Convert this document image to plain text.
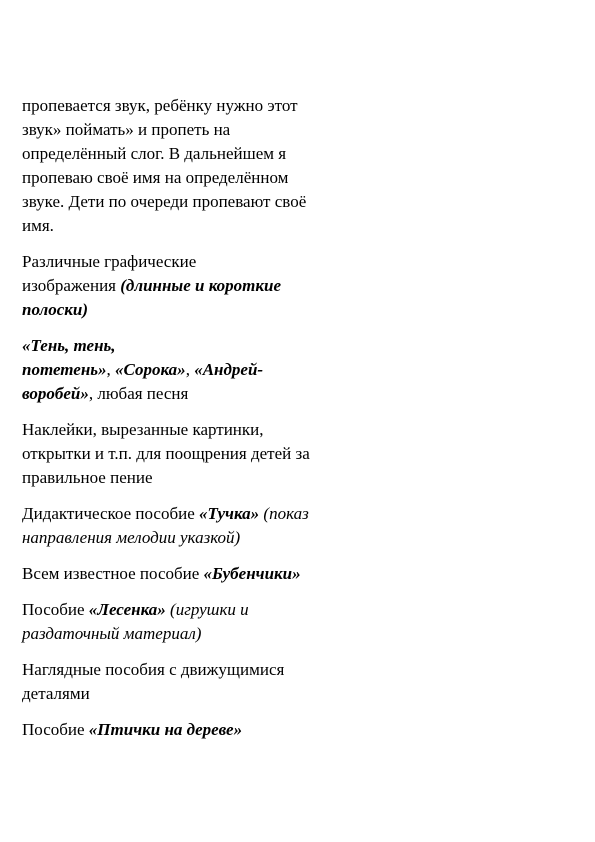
пропевается звук, ребёнку нужно этот
звук» поймать» и пропеть на
определённый слог. В дальнейшем я
пропеваю своё имя на определённом
звуке. Дети по очереди пропевают своё
имя.

Различные графические
изображения (длинные и короткие
полоски)

«Тень, тень,
потетень», «Сорока», «Андрей-
воробей», любая песня

Наклейки, вырезанные картинки,
открытки и т.п. для поощрения детей за
правильное пение

Дидактическое пособие «Тучка» (показ
направления мелодии указкой)

Всем известное пособие «Бубенчики»

Пособие «Лесенка» (игрушки и
раздаточный материал)

Наглядные пособия с движущимися
деталями

Пособие «Птички на дереве»
